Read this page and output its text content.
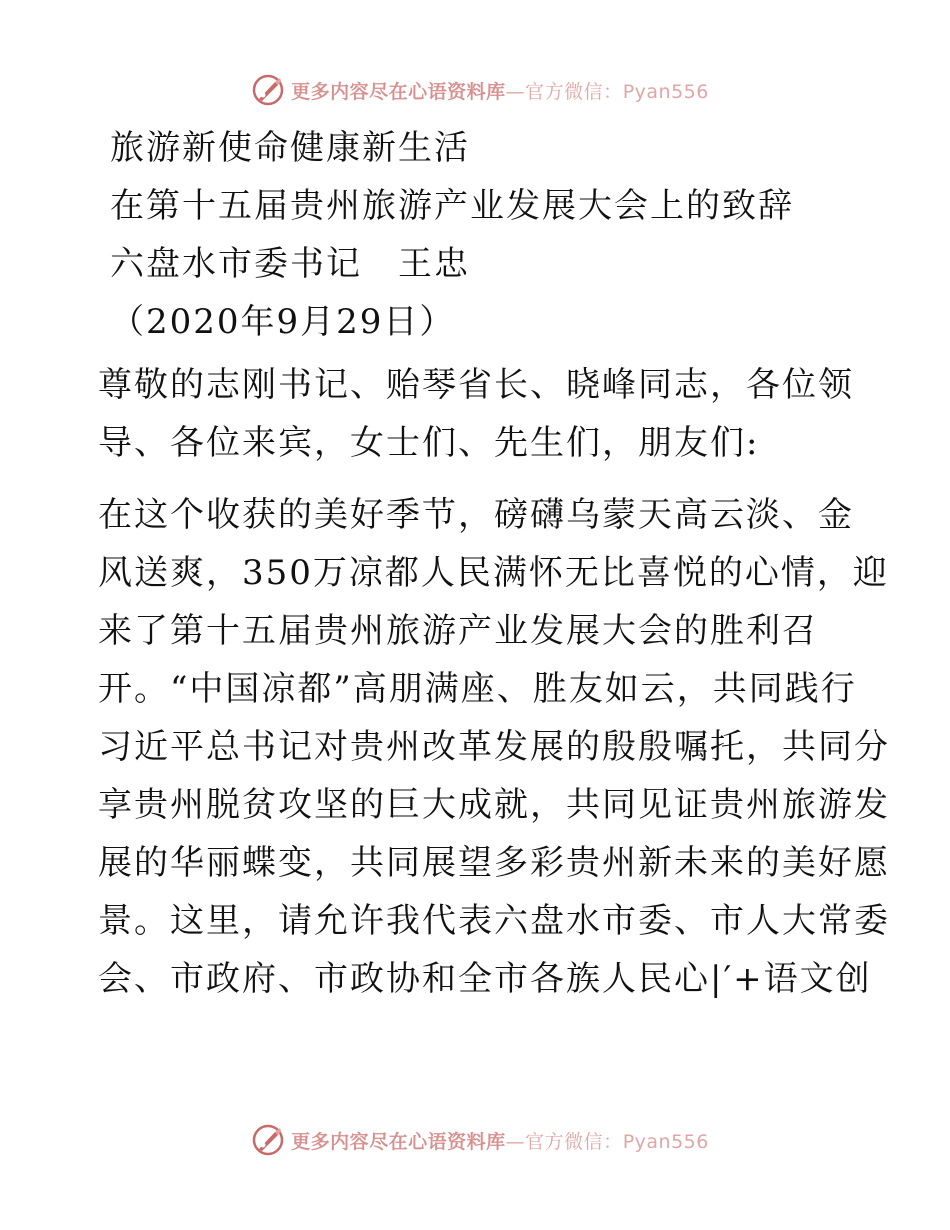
更多内容尽在心语资料库—官方微信：Pyan556
旅游新使命健康新生活
在第十五届贵州旅游产业发展大会上的致辞
六盘水市委书记　王忠
（2020年9月29日）
尊敬的志刚书记、贻琴省长、晓峰同志，各位领
导、各位来宾，女士们、先生们，朋友们:
在这个收获的美好季节，磅礴乌蒙天高云淡、金
风送爽，350万凉都人民满怀无比喜悦的心情，迎
来了第十五届贵州旅游产业发展大会的胜利召
开。“中国凉都”高朋满座、胜友如云，共同践行
习近平总书记对贵州改革发展的殷殷嘱托，共同分
享贵州脱贫攻坚的巨大成就，共同见证贵州旅游发
展的华丽蝶变，共同展望多彩贵州新未来的美好愿
景。这里，请允许我代表六盘水市委、市人大常委
会、市政府、市政协和全市各族人民心|′+语文创
更多内容尽在心语资料库—官方微信：Pyan556
